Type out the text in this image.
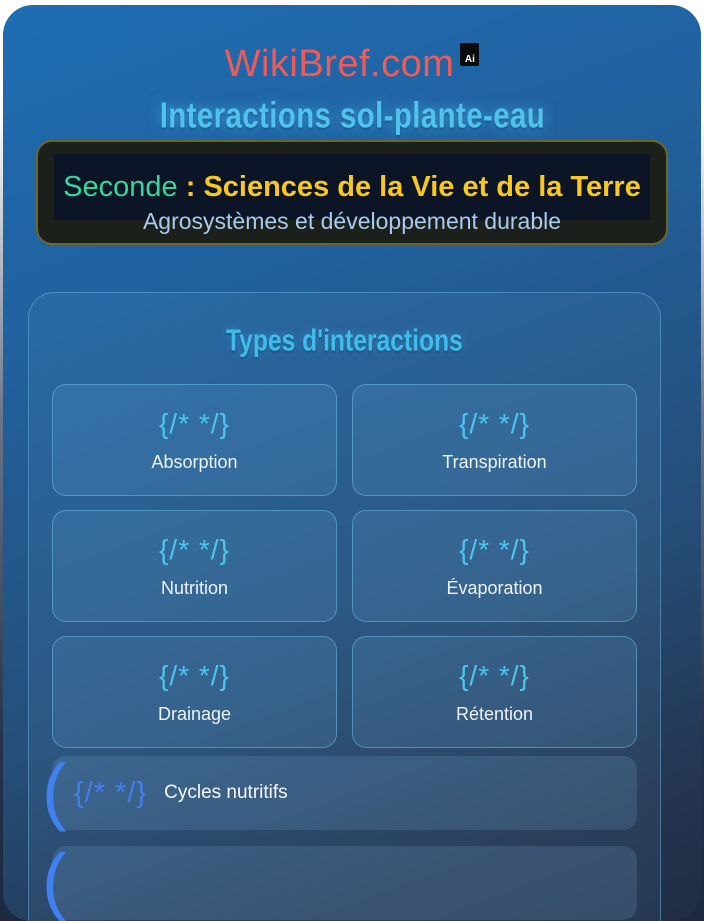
WikiBref.com Ai
Interactions sol-plante-eau
Seconde : Sciences de la Vie et de la Terre
Agrosystèmes et développement durable
Types d'interactions
{/* */}
Absorption
{/* */}
Transpiration
{/* */}
Nutrition
{/* */}
Évaporation
{/* */}
Drainage
{/* */}
Rétention
( {/* */} Cycles nutritifs
(
